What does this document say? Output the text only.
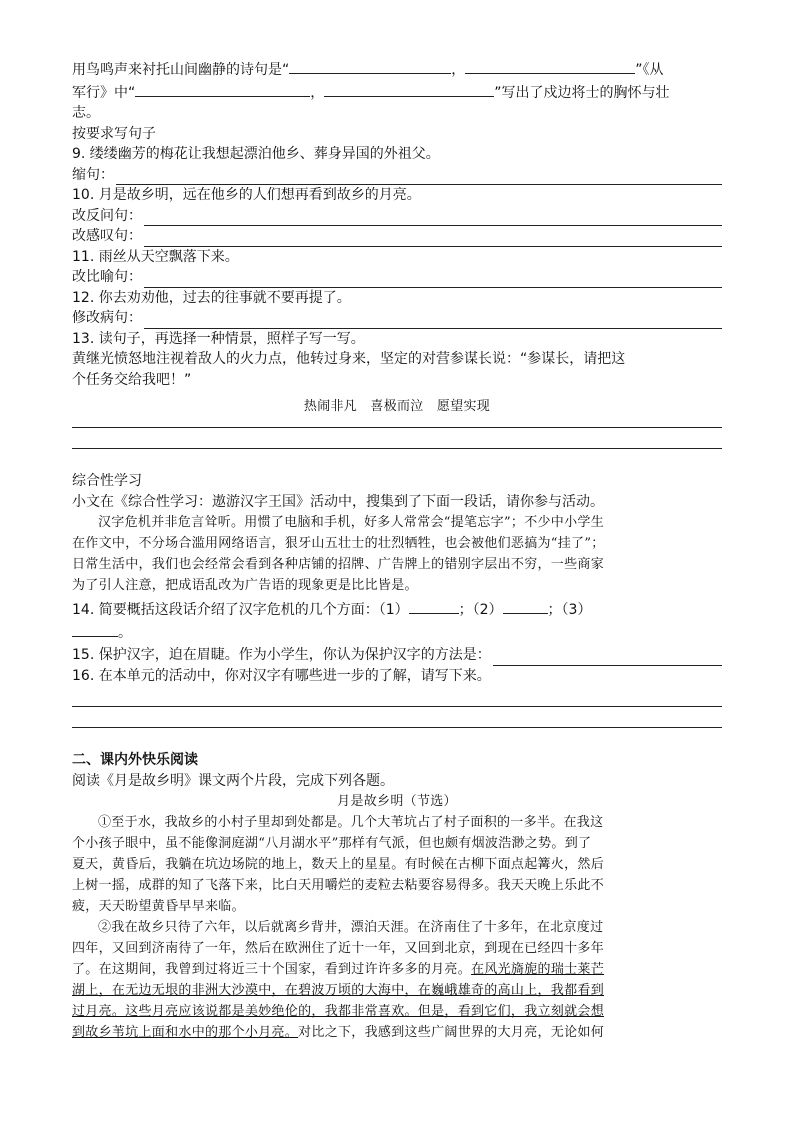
用鸟鸣声来衬托山间幽静的诗句是“	，	”《从
军行》中“	，	”写出了戍边将士的胸怀与壮
志。
按要求写句子
9. 缕缕幽芳的梅花让我想起漂泊他乡、葬身异国的外祖父。
缩句：
10. 月是故乡明，远在他乡的人们想再看到故乡的月亮。
改反问句：
改感叹句：
11. 雨丝从天空飘落下来。
改比喻句：
12. 你去劝劝他，过去的往事就不要再提了。
修改病句：
13. 读句子，再选择一种情景，照样子写一写。
黄继光愤怒地注视着敌人的火力点，他转过身来，坚定的对营参谋长说：“参谋长，请把这
个任务交给我吧！”
热闹非凡　喜极而泣　愿望实现
综合性学习
小文在《综合性学习：遨游汉字王国》活动中，搜集到了下面一段话，请你参与活动。
汉字危机并非危言耸听。用惯了电脑和手机，好多人常常会“提笔忘字”；不少中小学生
在作文中，不分场合滥用网络语言，狠牙山五壮士的壮烈牺牲，也会被他们恶搞为“挂了”；
日常生活中，我们也会经常会看到各种店铺的招牌、广告牌上的错别字层出不穷，一些商家
为了引人注意，把成语乱改为广告语的现象更是比比皆是。
14. 简要概括这段话介绍了汉字危机的几个方面：（1）	；（2）	；（3）
。
15. 保护汉字，迫在眉睫。作为小学生，你认为保护汉字的方法是：
16. 在本单元的活动中，你对汉字有哪些进一步的了解，请写下来。
二、课内外快乐阅读
阅读《月是故乡明》课文两个片段，完成下列各题。
月是故乡明（节选）
①至于水，我故乡的小村子里却到处都是。几个大苇坑占了村子面积的一多半。在我这
个小孩子眼中，虽不能像洞庭湖“八月湖水平”那样有气派，但也颇有烟波浩渺之势。到了
夏天，黄昏后，我躺在坑边场院的地上，数天上的星星。有时候在古柳下面点起篝火，然后
上树一摇，成群的知了飞落下来，比白天用嚼烂的麦粒去粘要容易得多。我天天晚上乐此不
疲，天天盼望黄昏早早来临。
②我在故乡只待了六年，以后就离乡背井，漂泊天涯。在济南住了十多年，在北京度过
四年，又回到济南待了一年，然后在欧洲住了近十一年，又回到北京，到现在已经四十多年
了。在这期间，我曾到过将近三十个国家，看到过许许多多的月亮。在风光旖旎的瑞士莱芒
湖上，在无边无垠的非洲大沙漠中，在碧波万顷的大海中，在巍峨雄奇的高山上，我都看到
过月亮。这些月亮应该说都是美妙绝伦的，我都非常喜欢。但是，看到它们，我立刻就会想
到故乡苇坑上面和水中的那个小月亮。对比之下，我感到这些广阔世界的大月亮，无论如何
